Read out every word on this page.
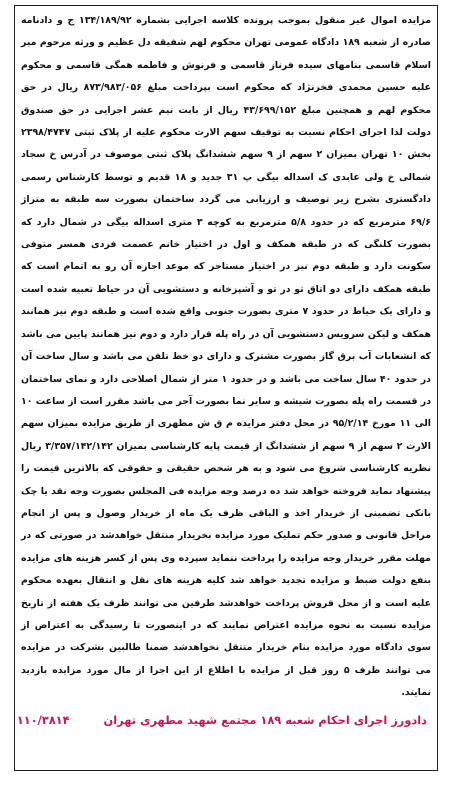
مزایده اموال غیر منقول بموجب پرونده کلاسه اجرایی بشماره ۱۳۴/۱۸۹/۹۲ ج و دادنامه صادره از شعبه ۱۸۹ دادگاه عمومی تهران محکوم لهم شفیقه دل عظیم و ورثه مرحوم میر اسلام قاسمی بنامهای سیده فرناز قاسمی و فرنوش و فاطمه همگی قاسمی و محکوم علیه حسین محمدی فخرنژاد که محکوم است بپرداخت مبلغ ۸۷۳/۹۸۳/۰۵۶ ریال در حق محکوم لهم و همچنین مبلغ ۴۳/۶۹۹/۱۵۲ ریال از بابت نیم عشر اجرایی در حق صندوق دولت لذا اجرای احکام نسبت به توقیف سهم الارث محکوم علیه از پلاک ثبتی ۲۳۹۸/۴۷۴۷ بخش ۱۰ تهران بمیزان ۲ سهم از ۹ سهم ششدانگ پلاک ثبتی موصوف در آدرس خ سجاد شمالی خ ولی عابدی ک اسداله بیگی پ ۳۱ جدید و ۱۸ قدیم و توسط کارشناس رسمی دادگستری بشرح زیر توصیف و ارزیابی می گردد ساختمان بصورت سه طبقه به متراژ ۶۹/۶ مترمربع که در حدود ۵/۸ مترمربع به کوچه ۳ متری اسداله بیگی در شمال دارد که بصورت کلنگی که در طبقه همکف و اول در اختیار خانم عصمت فردی همسر متوفی سکونت دارد و طبقه دوم نیز در اختیار مستاجر که موعد اجاره آن رو به اتمام است که طبقه همکف دارای دو اتاق تو در تو و آشپزخانه و دستشویی آن در حیاط تعبیه شده است و دارای یک حیاط در حدود ۷ متری بصورت جنوبی واقع شده است و طبقه دوم نیز همانند همکف و لیکن سرویس دستشویی آن در راه پله قرار دارد و دوم نیز همانند پایین می باشد که انشعابات آب برق گاز بصورت مشترک و دارای دو خط تلفن می باشد و سال ساخت آن در حدود ۴۰ سال ساخت می باشد و در حدود ۱ متر از شمال اصلاحی دارد و نمای ساختمان در قسمت راه پله بصورت شیشه و سایر نما بصورت آجر می باشد مقرر است از ساعت ۱۰ الی ۱۱ مورخ ۹۵/۲/۱۴ در محل دفتر مزایده م ق ش مطهری از طریق مزایده بمیزان سهم الارث ۲ سهم از ۹ سهم از ششدانگ از قیمت پایه کارشناسی بمیزان ۳/۳۵۷/۱۴۲/۱۴۲ ریال نظریه کارشناسی شروع می شود و به هر شخص حقیقی و حقوقی که بالاترین قیمت را پیشنهاد نماید فروخته خواهد شد ده درصد وجه مزایده فی المجلس بصورت وجه نقد یا چک بانکی تضمینی از خریدار اخذ و الباقی ظرف یک ماه از خریدار وصول و پس از انجام مراحل قانونی و صدور حکم تملیک مورد مزایده بخریدار منتقل خواهدشد در صورتی که در مهلت مقرر خریدار وجه مزایده را پرداخت ننماید سپرده وی پس از کسر هزینه های مزایده بنفع دولت ضبط و مزایده تجدید خواهد شد کلیه هزینه های نقل و انتقال بعهده محکوم علیه است و از محل فروش پرداخت خواهدشد طرفین می توانند ظرف یک هفته از تاریخ مزایده نسبت به نحوه مزایده اعتراض نمایند که در اینصورت تا رسیدگی به اعتراض از سوی دادگاه مورد مزایده بنام خریدار منتقل نخواهدشد ضمنا طالبین بشرکت در مزایده می توانند ظرف ۵ روز قبل از مزایده با اطلاع از این اجرا از مال مورد مزایده بازدید نمایند.

دادورز اجرای احکام شعبه ۱۸۹ مجتمع شهید مطهری تهران
۱۱۰/۳۸۱۴
